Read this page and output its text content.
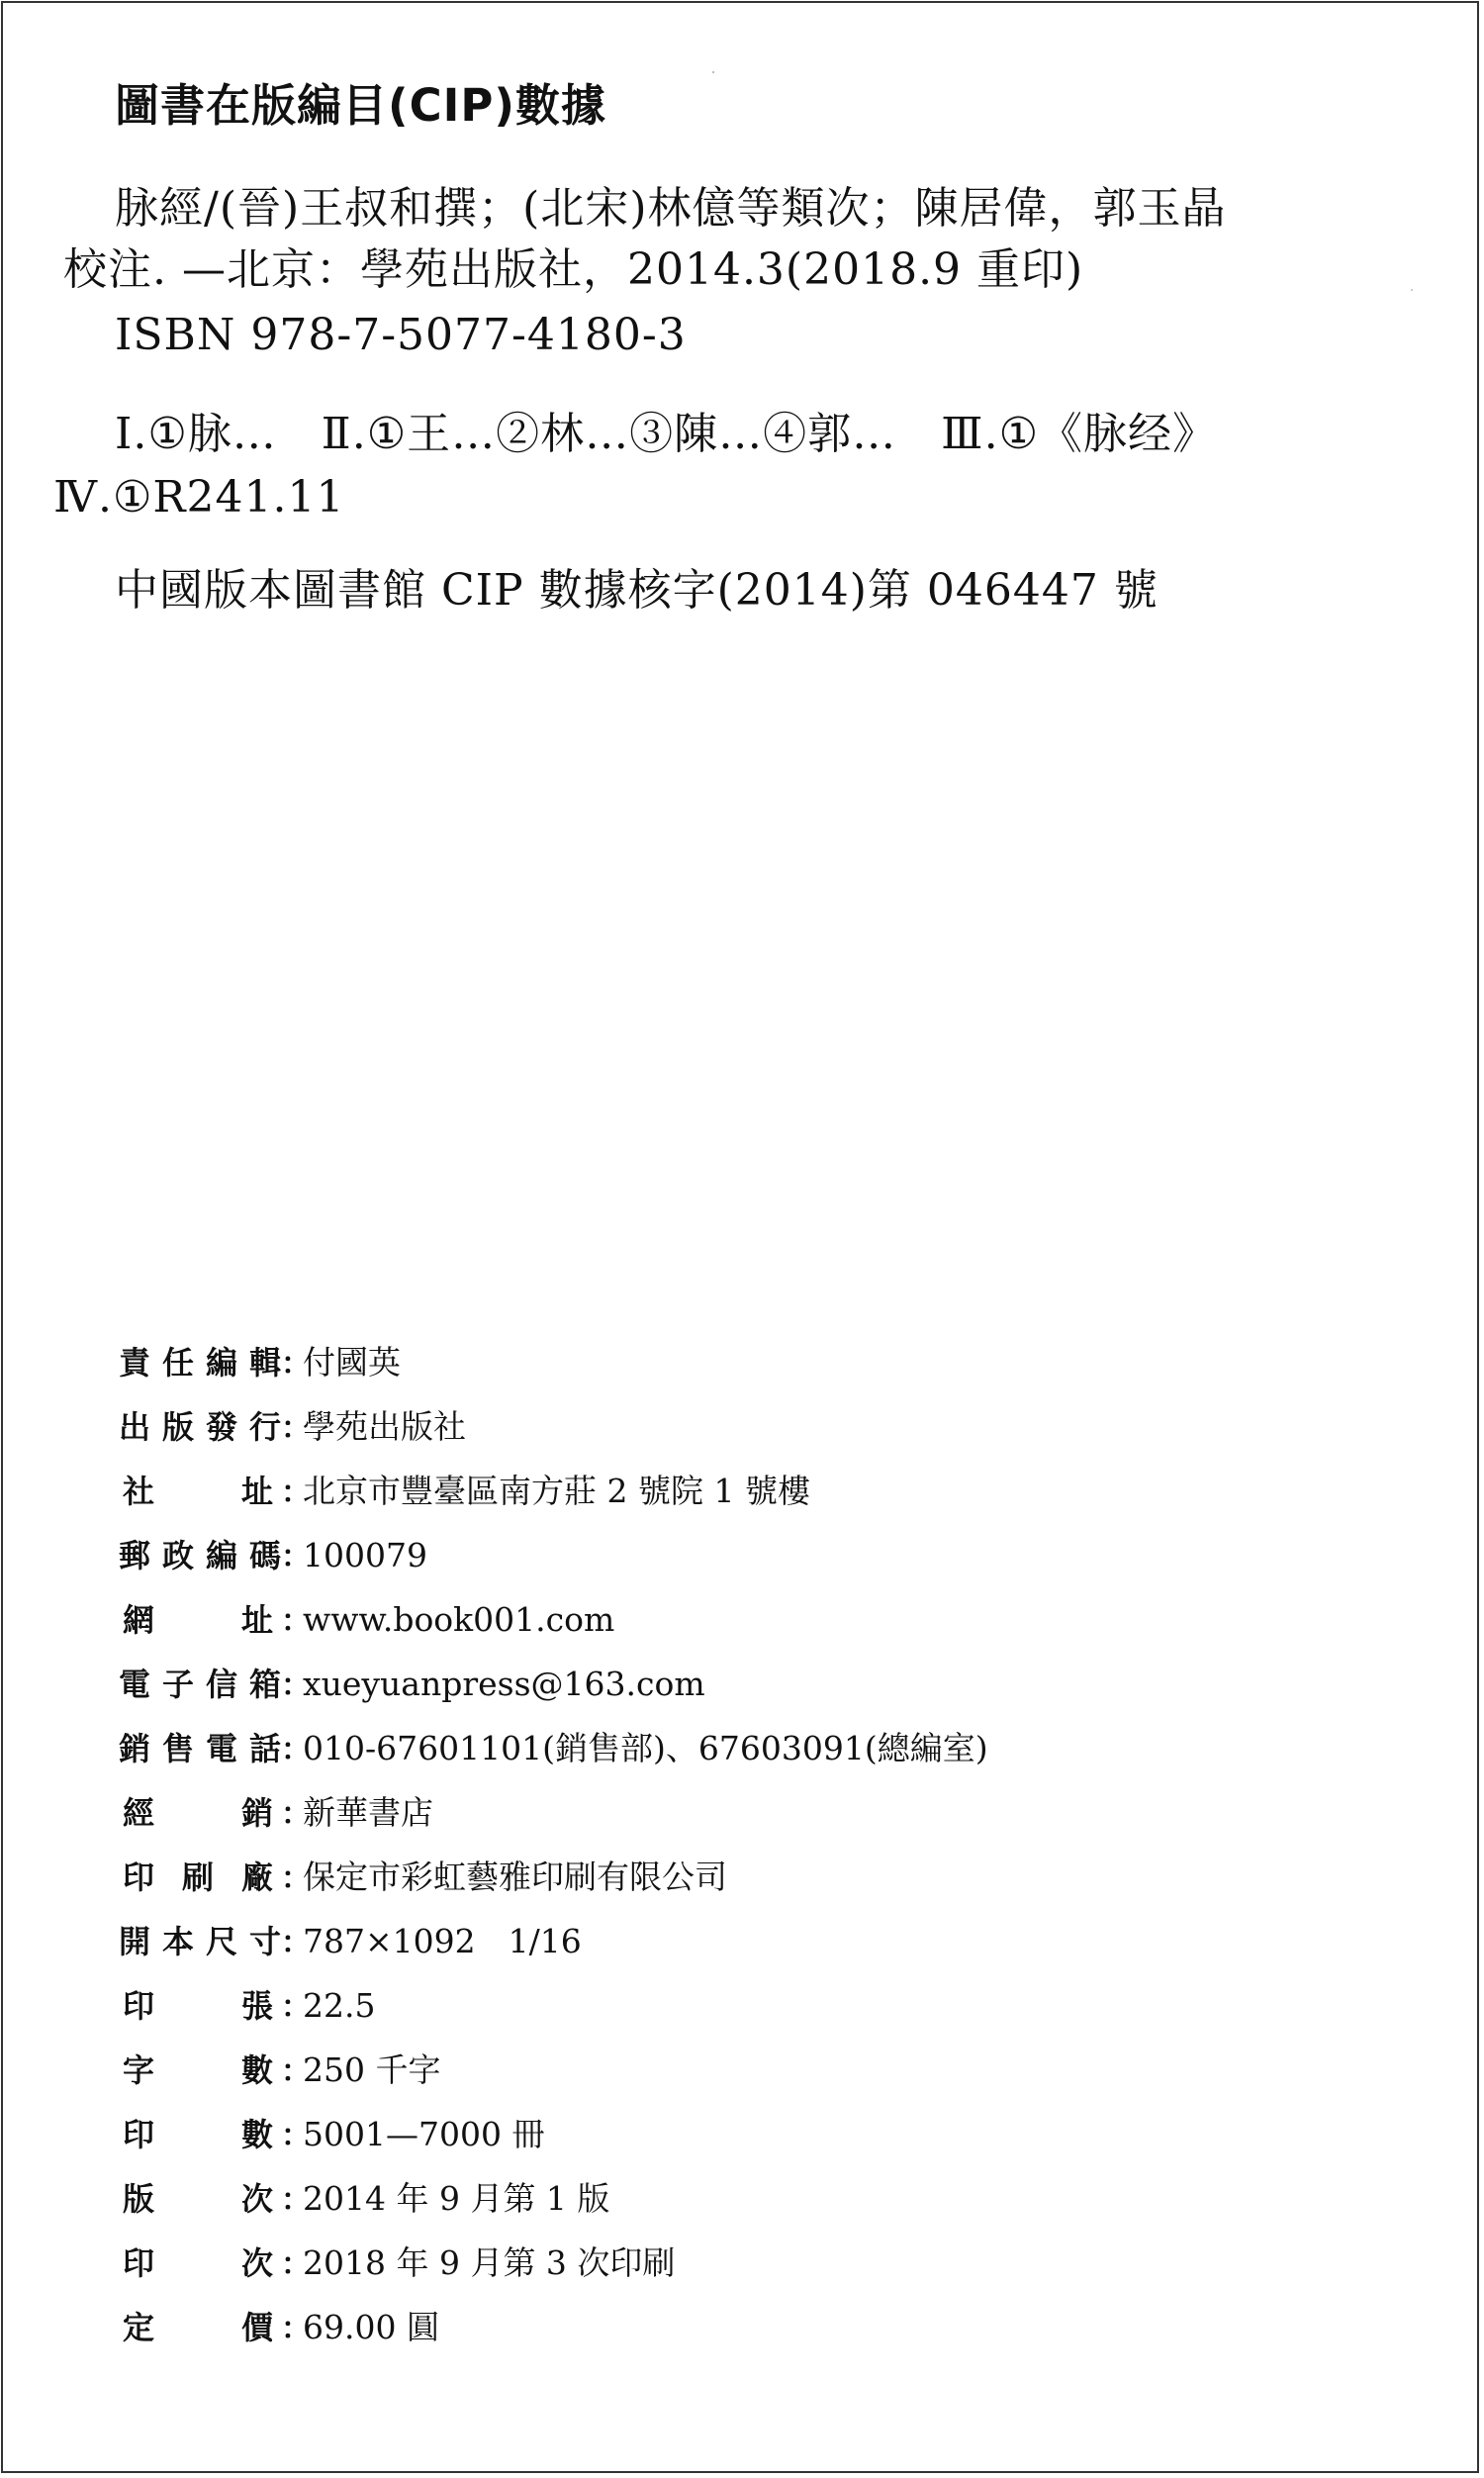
圖書在版編目(CIP)數據
脉經/(晉)王叔和撰；(北宋)林億等類次；陳居偉，郭玉晶
校注. —北京：學苑出版社，2014.3(2018.9 重印)
ISBN 978-7-5077-4180-3
Ⅰ.①脉…　Ⅱ.①王…②林…③陳…④郭…　Ⅲ.①《脉经》
Ⅳ.①R241.11
中國版本圖書館 CIP 數據核字(2014)第 046447 號
責任編輯 ：
付國英
出版發行 ：
學苑出版社
社	址 ：
北京市豐臺區南方莊 2 號院 1 號樓
郵政編碼 ：
100079
網	址 ：
www.book001.com
電子信箱 ：
xueyuanpress@163.com
銷售電話 ：
010-67601101(銷售部)、67603091(總編室)
經	銷 ：
新華書店
印 刷 廠 ：
保定市彩虹藝雅印刷有限公司
開本尺寸 ：
787×1092　1/16
印	張 ：
22.5
字	數 ：
250 千字
印	數 ：
5001—7000 冊
版	次 ：
2014 年 9 月第 1 版
印	次 ：
2018 年 9 月第 3 次印刷
定	價 ：
69.00 圓
